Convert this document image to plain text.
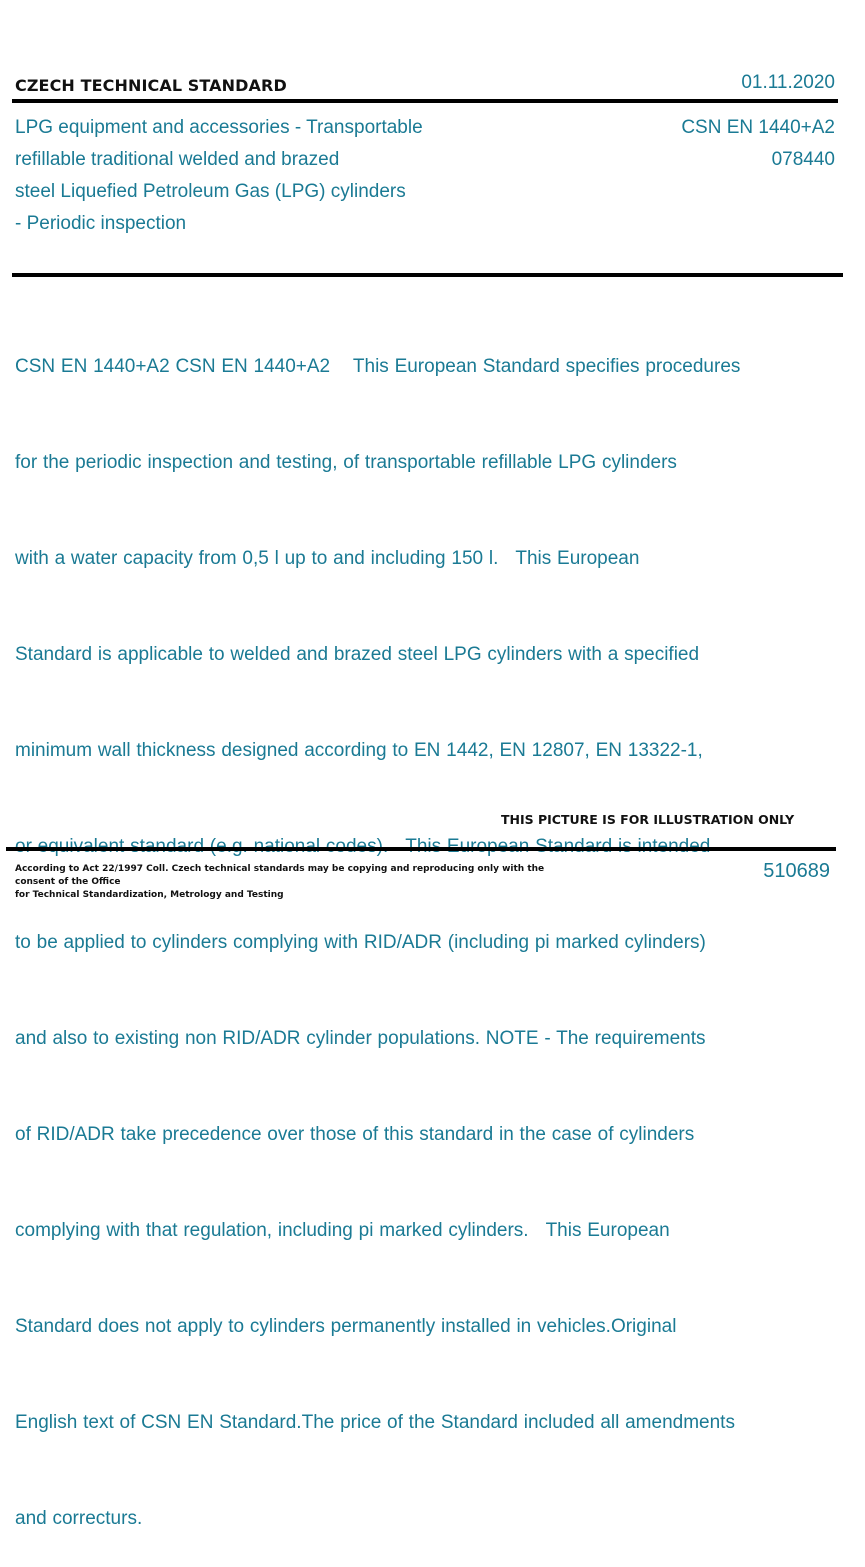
CZECH TECHNICAL STANDARD	01.11.2020
LPG equipment and accessories - Transportable
refillable traditional welded and brazed
steel Liquefied Petroleum Gas (LPG) cylinders
- Periodic inspection
CSN EN 1440+A2
078440

CSN EN 1440+A2 CSN EN 1440+A2    This European Standard specifies procedures

for the periodic inspection and testing, of transportable refillable LPG cylinders

with a water capacity from 0,5 l up to and including 150 l.   This European

Standard is applicable to welded and brazed steel LPG cylinders with a specified

minimum wall thickness designed according to EN 1442, EN 12807, EN 13322-1,

to be applied to cylinders complying with RID/ADR (including pi marked cylinders)

and also to existing non RID/ADR cylinder populations. NOTE - The requirements

of RID/ADR take precedence over those of this standard in the case of cylinders

complying with that regulation, including pi marked cylinders.   This European

Standard does not apply to cylinders permanently installed in vehicles.Original

English text of CSN EN Standard.The price of the Standard included all amendments

and correcturs.

THIS PICTURE IS FOR ILLUSTRATION ONLY
According to Act 22/1997 Coll. Czech technical standards may be copying and reproducing only with the consent of the Office
for Technical Standardization, Metrology and Testing
510689
